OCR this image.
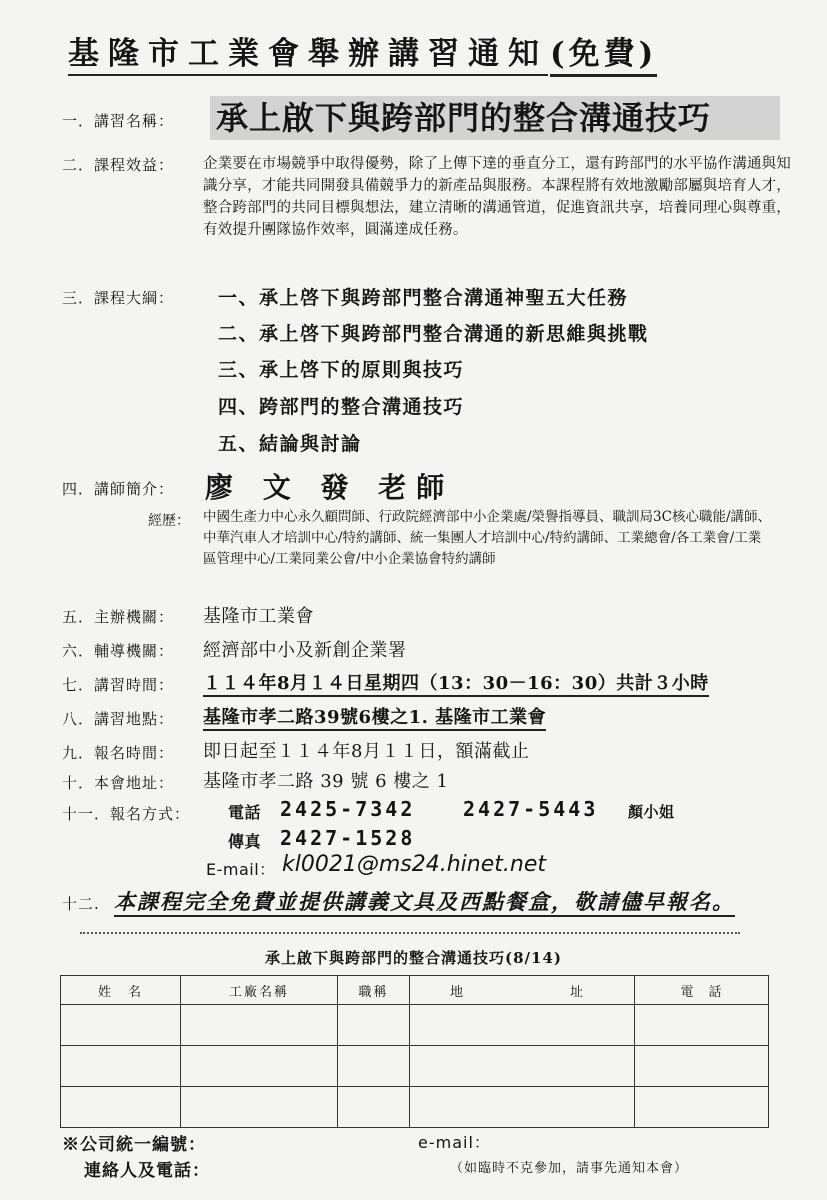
基隆市工業會舉辦講習通知(免費)
一．講習名稱： 承上啟下與跨部門的整合溝通技巧
二．課程效益： 企業要在市場競爭中取得優勢，除了上傳下達的垂直分工，還有跨部門的水平協作溝通與知識分享，才能共同開發具備競爭力的新產品與服務。本課程將有效地激勵部屬與培育人才，整合跨部門的共同目標與想法，建立清晰的溝通管道，促進資訊共享，培養同理心與尊重，有效提升團隊協作效率，圓滿達成任務。
三．課程大綱： 一、承上啓下與跨部門整合溝通神聖五大任務
二、承上啓下與跨部門整合溝通的新思維與挑戰
三、承上啓下的原則與技巧
四、跨部門的整合溝通技巧
五、結論與討論
四．講師簡介： 廖 文 發 老師
經歷： 中國生產力中心永久顧問師、行政院經濟部中小企業處/榮譽指導員、職訓局3C核心職能/講師、中華汽車人才培訓中心/特約講師、統一集團人才培訓中心/特約講師、工業總會/各工業會/工業區管理中心/工業同業公會/中小企業協會特約講師
五．主辦機關： 基隆市工業會
六．輔導機關： 經濟部中小及新創企業署
七．講習時間： １１４年8月１４日星期四（13：30－16：30）共計３小時
八．講習地點： 基隆市孝二路39號6樓之1. 基隆市工業會
九．報名時間： 即日起至１１４年8月１１日，額滿截止
十．本會地址： 基隆市孝二路 39 號 6 樓之 1
十一．報名方式： 電話 2425-7342 2427-5443 顏小姐
傳真 2427-1528
E-mail： kl0021@ms24.hinet.net
十二. 本課程完全免費並提供講義文具及西點餐盒，敬請儘早報名。
承上啟下與跨部門的整合溝通技巧(8/14)
姓　名	工廠名稱	職稱	地 址	電　話

※公司統一編號：	e-mail：
連絡人及電話：	（如臨時不克參加，請事先通知本會）
